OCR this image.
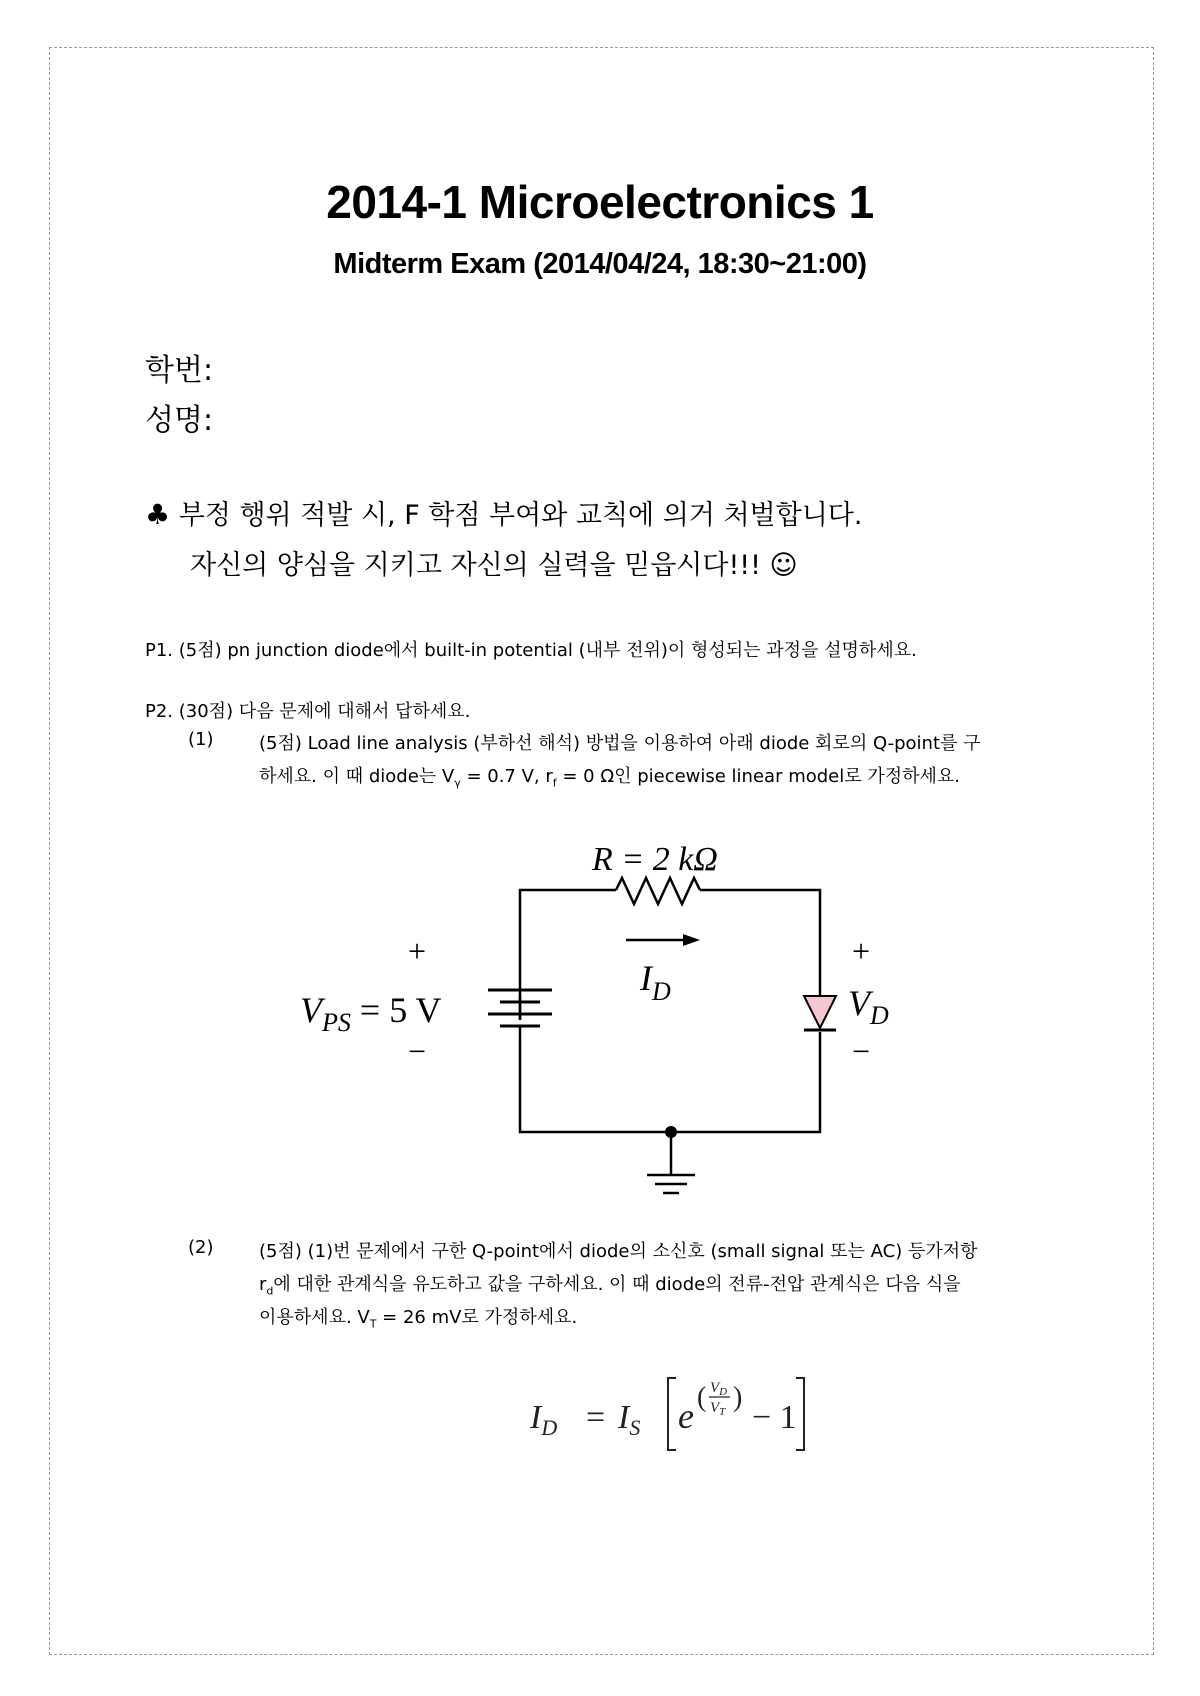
2014-1 Microelectronics 1
Midterm Exam (2014/04/24, 18:30~21:00)
학번:
성명:
♣ 부정 행위 적발 시, F 학점 부여와 교칙에 의거 처벌합니다.
자신의 양심을 지키고 자신의 실력을 믿읍시다!!! ☺
P1. (5점) pn junction diode에서 built-in potential (내부 전위)이 형성되는 과정을 설명하세요.
P2. (30점) 다음 문제에 대해서 답하세요.
(1)	(5점) Load line analysis (부하선 해석) 방법을 이용하여 아래 diode 회로의 Q-point를 구
하세요. 이 때 diode는 $V_\gamma = 0.7$ V, $r_f = 0$ Ω인 piecewise linear model로 가정하세요.
R = 2 kΩ
$I_D$
+
−
$V_{PS} = 5$ V
+
−
$V_D$
(2)	(5점) (1)번 문제에서 구한 Q-point에서 diode의 소신호 (small signal 또는 AC) 등가저항
$r_d$에 대한 관계식을 유도하고 값을 구하세요. 이 때 diode의 전류-전압 관계식은 다음 식을
이용하세요. $V_T = 26$ mV로 가정하세요.
$I_D = I_S$ e ( $V_D$
$V_T$ )
− 1
